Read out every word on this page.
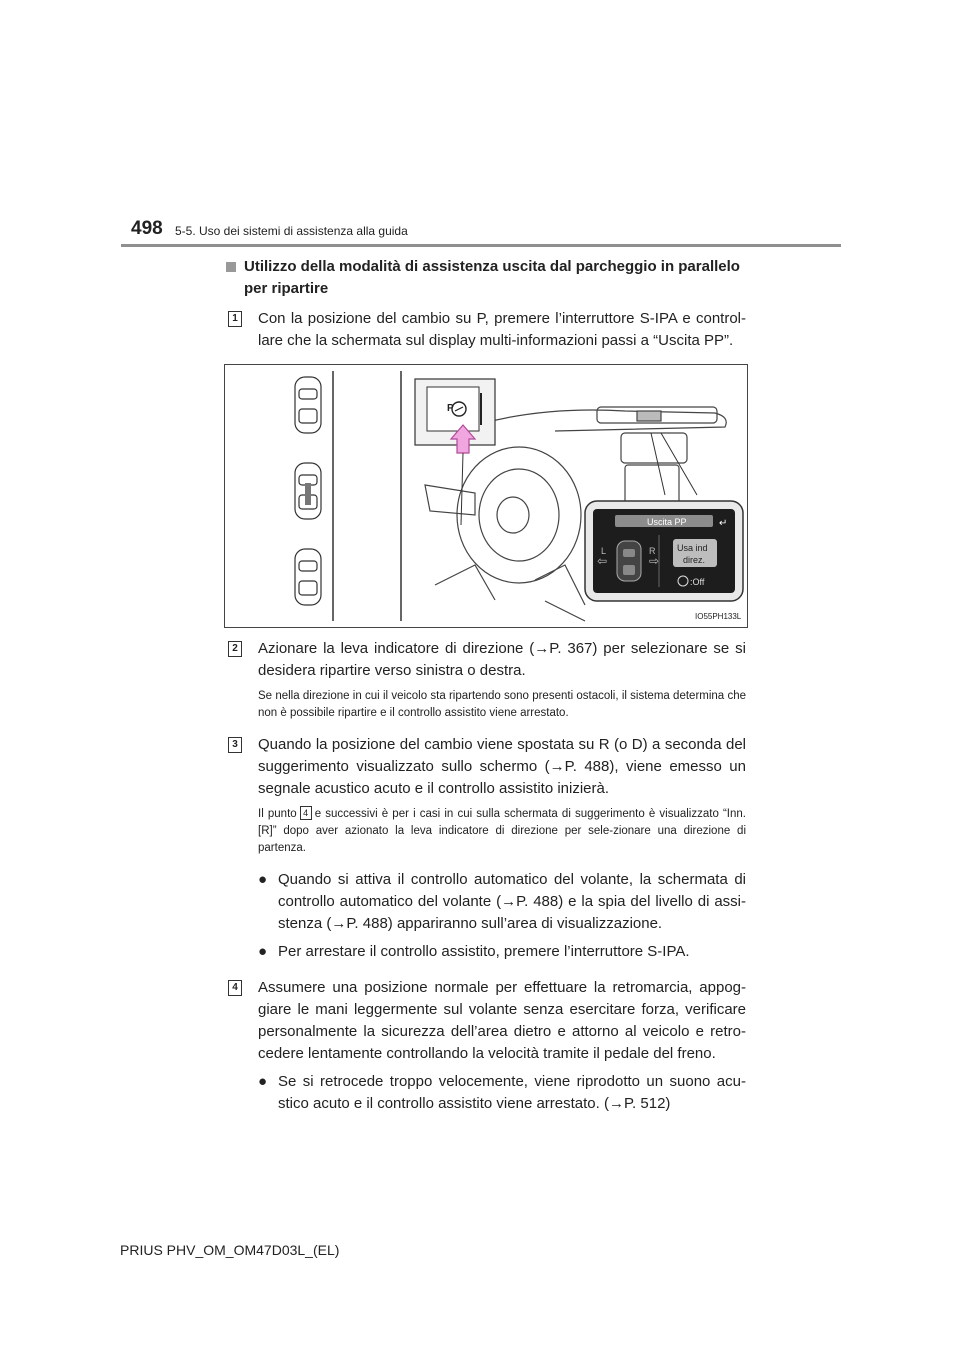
498 5-5. Uso dei sistemi di assistenza alla guida
Utilizzo della modalità di assistenza uscita dal parcheggio in parallelo per ripartire
1 Con la posizione del cambio su P, premere l’interruttore S-IPA e control-lare che la schermata sul display multi-informazioni passi a “Uscita PP”.
P
Uscita PP	↵
L	R
⇦	⇨
Usa ind
direz.
:Off
IO55PH133L
2 Azionare la leva indicatore di direzione (→P. 367) per selezionare se si desidera ripartire verso sinistra o destra.
Se nella direzione in cui il veicolo sta ripartendo sono presenti ostacoli, il sistema determina che non è possibile ripartire e il controllo assistito viene arrestato.
3 Quando la posizione del cambio viene spostata su R (o D) a seconda del suggerimento visualizzato sullo schermo (→P. 488), viene emesso un segnale acustico acuto e il controllo assistito inizierà.
Il punto 4 e successivi è per i casi in cui sulla schermata di suggerimento è visualizzato “Inn. [R]” dopo aver azionato la leva indicatore di direzione per sele-zionare una direzione di partenza.
● Quando si attiva il controllo automatico del volante, la schermata di controllo automatico del volante (→P. 488) e la spia del livello di assi-stenza (→P. 488) appariranno sull’area di visualizzazione.
● Per arrestare il controllo assistito, premere l’interruttore S-IPA.
4 Assumere una posizione normale per effettuare la retromarcia, appog-giare le mani leggermente sul volante senza esercitare forza, verificare personalmente la sicurezza dell’area dietro e attorno al veicolo e retro-cedere lentamente controllando la velocità tramite il pedale del freno.
● Se si retrocede troppo velocemente, viene riprodotto un suono acu-stico acuto e il controllo assistito viene arrestato. (→P. 512)
PRIUS PHV_OM_OM47D03L_(EL)
